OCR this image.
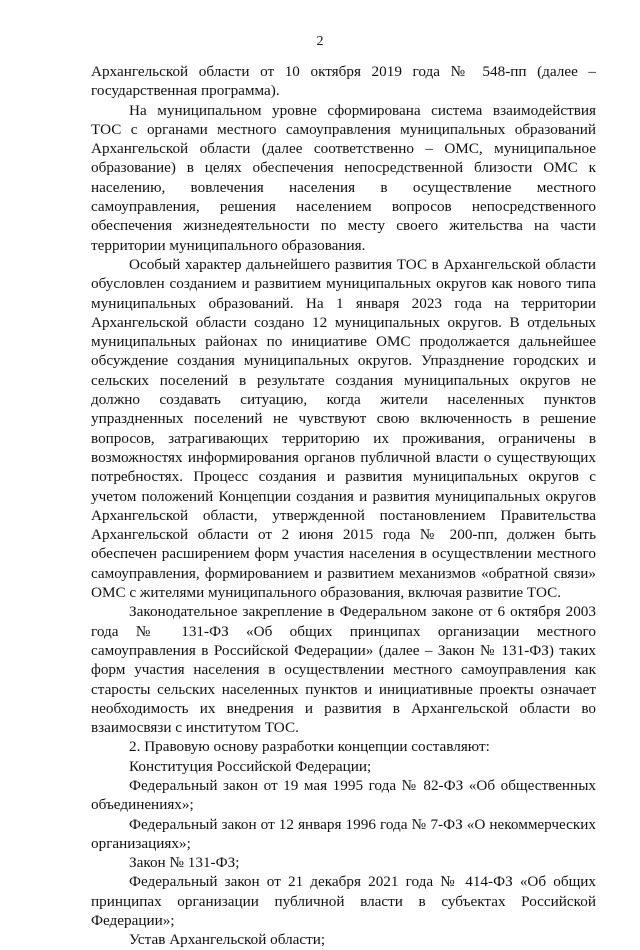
2

Архангельской области от 10 октября 2019 года № 548-пп (далее – государственная программа).

На муниципальном уровне сформирована система взаимодействия ТОС с органами местного самоуправления муниципальных образований Архангельской области (далее соответственно – ОМС, муниципальное образование) в целях обеспечения непосредственной близости ОМС к населению, вовлечения населения в осуществление местного самоуправления, решения населением вопросов непосредственного обеспечения жизнедеятельности по месту своего жительства на части территории муниципального образования.

Особый характер дальнейшего развития ТОС в Архангельской области обусловлен созданием и развитием муниципальных округов как нового типа муниципальных образований. На 1 января 2023 года на территории Архангельской области создано 12 муниципальных округов. В отдельных муниципальных районах по инициативе ОМС продолжается дальнейшее обсуждение создания муниципальных округов. Упразднение городских и сельских поселений в результате создания муниципальных округов не должно создавать ситуацию, когда жители населенных пунктов упраздненных поселений не чувствуют свою включенность в решение вопросов, затрагивающих территорию их проживания, ограничены в возможностях информирования органов публичной власти о существующих потребностях. Процесс создания и развития муниципальных округов с учетом положений Концепции создания и развития муниципальных округов Архангельской области, утвержденной постановлением Правительства Архангельской области от 2 июня 2015 года № 200-пп, должен быть обеспечен расширением форм участия населения в осуществлении местного самоуправления, формированием и развитием механизмов «обратной связи» ОМС с жителями муниципального образования, включая развитие ТОС.

Законодательное закрепление в Федеральном законе от 6 октября 2003 года № 131-ФЗ «Об общих принципах организации местного самоуправления в Российской Федерации» (далее – Закон № 131-ФЗ) таких форм участия населения в осуществлении местного самоуправления как старосты сельских населенных пунктов и инициативные проекты означает необходимость их внедрения и развития в Архангельской области во взаимосвязи с институтом ТОС.

2. Правовую основу разработки концепции составляют:

Конституция Российской Федерации;

Федеральный закон от 19 мая 1995 года № 82-ФЗ «Об общественных объединениях»;

Федеральный закон от 12 января 1996 года № 7-ФЗ «О некоммерческих организациях»;

Закон № 131-ФЗ;

Федеральный закон от 21 декабря 2021 года № 414-ФЗ «Об общих принципах организации публичной власти в субъектах Российской Федерации»;

Устав Архангельской области;
